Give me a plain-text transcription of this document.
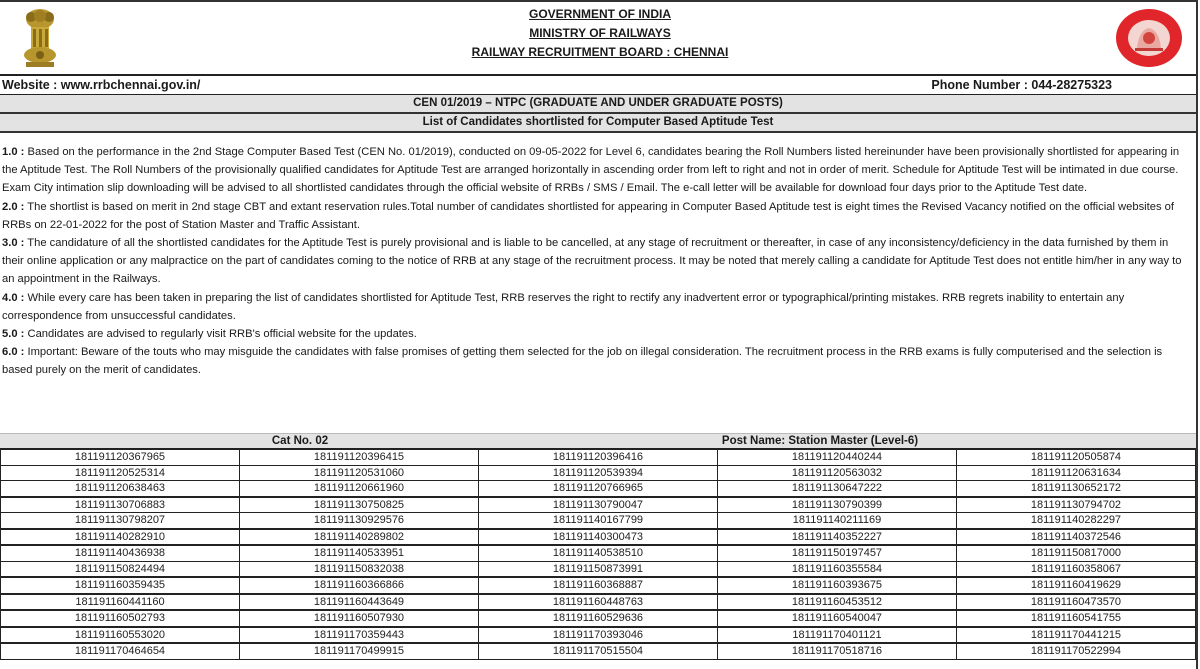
GOVERNMENT OF INDIA
MINISTRY OF RAILWAYS
RAILWAY RECRUITMENT BOARD : CHENNAI
Website : www.rrbchennai.gov.in/	Phone Number : 044-28275323
CEN 01/2019 – NTPC (GRADUATE AND UNDER GRADUATE POSTS)
List of Candidates shortlisted for Computer Based Aptitude Test

1.0 : Based on the performance in the 2nd Stage Computer Based Test (CEN No. 01/2019), conducted on 09-05-2022 for Level 6, candidates bearing the Roll Numbers listed hereinunder have been provisionally shortlisted for appearing in the Aptitude Test. The Roll Numbers of the provisionally qualified candidates for Aptitude Test are arranged horizontally in ascending order from left to right and not in order of merit. Schedule for Aptitude Test will be intimated in due course. Exam City intimation slip downloading will be advised to all shortlisted candidates through the official website of RRBs / SMS / Email. The e-call letter will be available for download four days prior to the Aptitude Test date.

2.0 : The shortlist is based on merit in 2nd stage CBT and extant reservation rules.Total number of candidates shortlisted for appearing in Computer Based Aptitude test is eight times the Revised Vacancy notified on the official websites of RRBs on 22-01-2022 for the post of Station Master and Traffic Assistant.

3.0 : The candidature of all the shortlisted candidates for the Aptitude Test is purely provisional and is liable to be cancelled, at any stage of recruitment or thereafter, in case of any inconsistency/deficiency in the data furnished by them in their online application or any malpractice on the part of candidates coming to the notice of RRB at any stage of the recruitment process. It may be noted that merely calling a candidate for Aptitude Test does not entitle him/her in any way to an appointment in the Railways.

4.0 : While every care has been taken in preparing the list of candidates shortlisted for Aptitude Test, RRB reserves the right to rectify any inadvertent error or typographical/printing mistakes. RRB regrets inability to entertain any correspondence from unsuccessful candidates.

5.0 : Candidates are advised to regularly visit RRB's official website for the updates.

6.0 : Important: Beware of the touts who may misguide the candidates with false promises of getting them selected for the job on illegal consideration. The recruitment process in the RRB exams is fully computerised and the selection is based purely on the merit of candidates.

Cat No. 02	Post Name: Station Master (Level-6)
181191120367965	181191120396415	181191120396416	181191120440244	181191120505874
181191120525314	181191120531060	181191120539394	181191120563032	181191120631634
181191120638463	181191120661960	181191120766965	181191130647222	181191130652172
181191130706883	181191130750825	181191130790047	181191130790399	181191130794702
181191130798207	181191130929576	181191140167799	181191140211169	181191140282297
181191140282910	181191140289802	181191140300473	181191140352227	181191140372546
181191140436938	181191140533951	181191140538510	181191150197457	181191150817000
181191150824494	181191150832038	181191150873991	181191160355584	181191160358067
181191160359435	181191160366866	181191160368887	181191160393675	181191160419629
181191160441160	181191160443649	181191160448763	181191160453512	181191160473570
181191160502793	181191160507930	181191160529636	181191160540047	181191160541755
181191160553020	181191170359443	181191170393046	181191170401121	181191170441215
181191170464654	181191170499915	181191170515504	181191170518716	181191170522994
